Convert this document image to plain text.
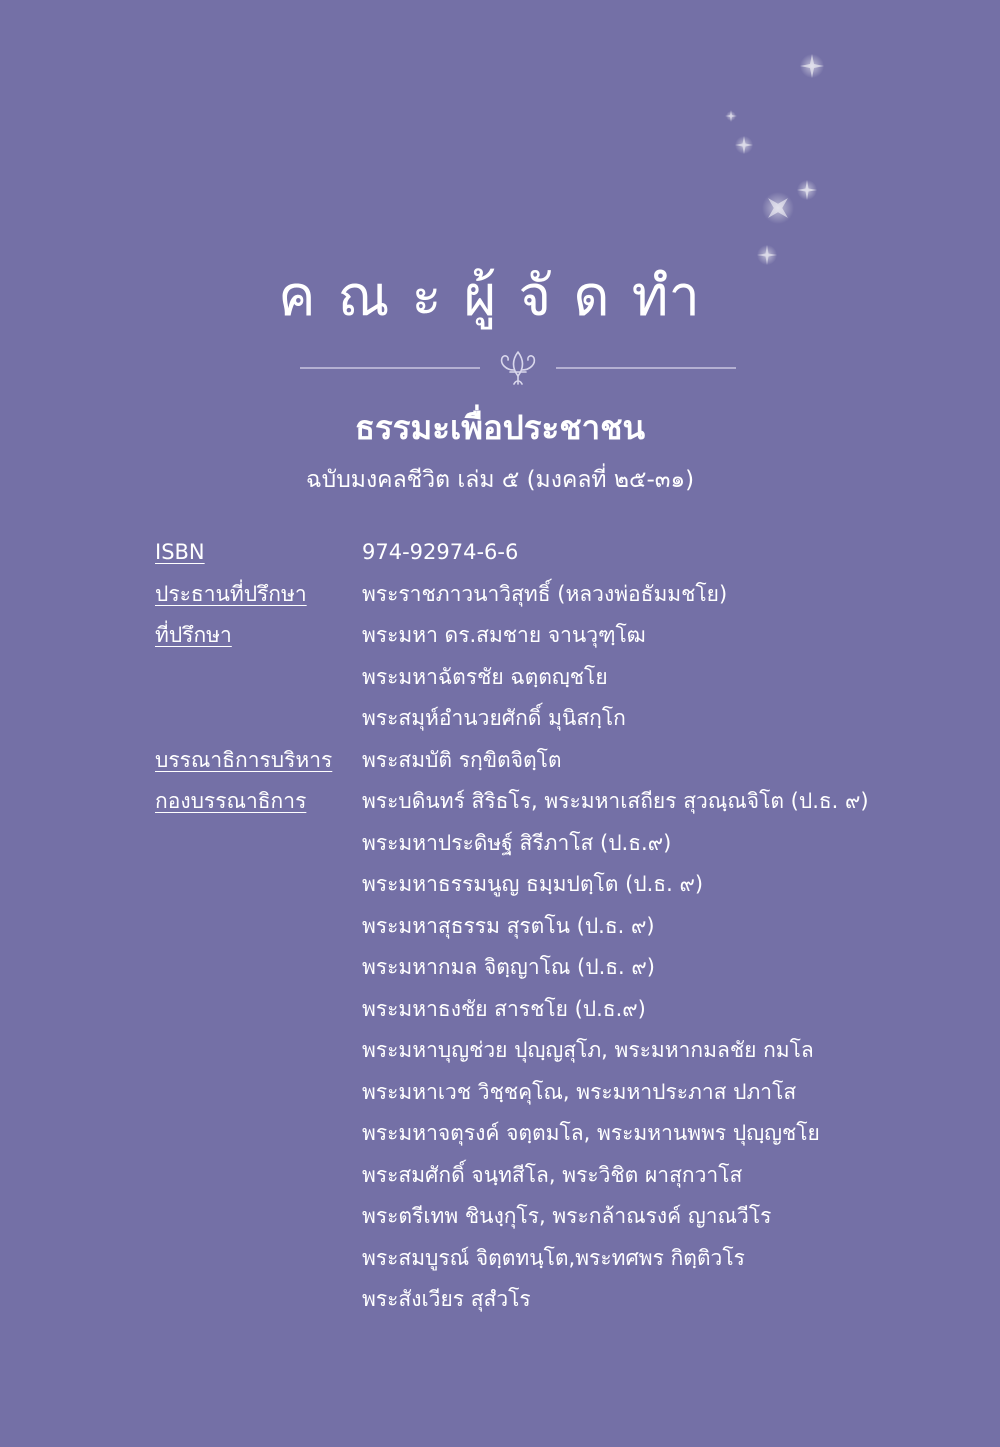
คณะผู้จัดทำ
ธรรมะเพื่อประชาชน

ฉบับมงคลชีวิต เล่ม ๕ (มงคลที่ ๒๕-๓๑)

ISBN	974-92974-6-6
ประธานที่ปรึกษา	พระราชภาวนาวิสุทธิ์ (หลวงพ่อธัมมชโย)
ที่ปรึกษา	พระมหา ดร.สมชาย จานวุฑฺโฒ
พระมหาฉัตรชัย ฉตฺตญฺชโย
พระสมุห์อำนวยศักดิ์ มุนิสกฺโก
บรรณาธิการบริหาร	พระสมบัติ รกฺขิตจิตฺโต
กองบรรณาธิการ	พระบดินทร์ สิริธโร, พระมหาเสถียร สุวณฺณจิโต (ป.ธ. ๙)
พระมหาประดิษฐ์ สิรีภาโส (ป.ธ.๙)
พระมหาธรรมนูญ ธมฺมปตฺโต (ป.ธ. ๙)
พระมหาสุธรรม สุรตโน (ป.ธ. ๙)
พระมหากมล จิตฺญาโณ (ป.ธ. ๙)
พระมหาธงชัย สารชโย (ป.ธ.๙)
พระมหาบุญช่วย ปุญฺญสุโภ, พระมหากมลชัย กมโล
พระมหาเวช วิชฺชคุโณ, พระมหาประภาส ปภาโส
พระมหาจตุรงค์ จตฺตมโล, พระมหานพพร ปุญฺญชโย
พระสมศักดิ์ จนฺทสีโล, พระวิชิต ผาสุกวาโส
พระตรีเทพ ชินงฺกุโร, พระกล้าณรงค์ ญาณวีโร
พระสมบูรณ์ จิตฺตทนฺโต,พระทศพร กิตฺติวโร
พระสังเวียร สุสํวโร
